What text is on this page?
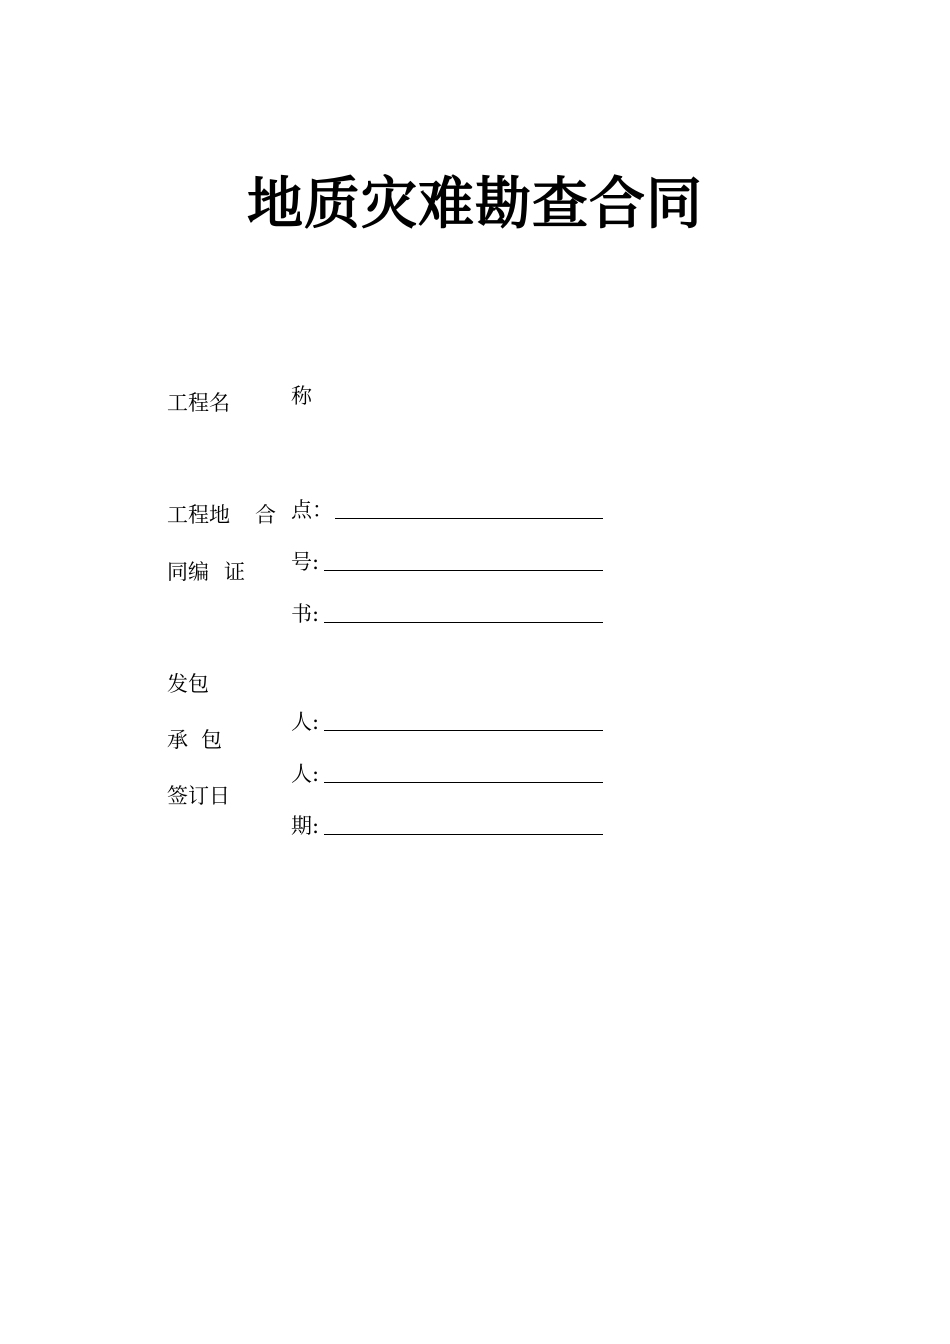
地质灾难勘查合同
工程名
工程地 合
同编 证
发包
承 包
签订日
称
点：
号:
书:
人:
人:
期:
